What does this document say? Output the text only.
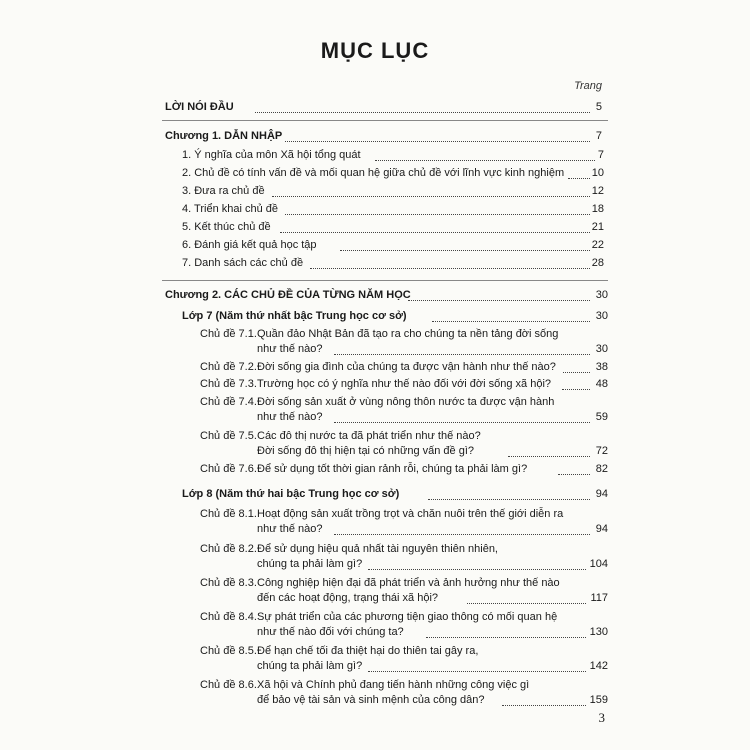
MỤC LỤC
Trang
LỜI NÓI ĐẦU	5
Chương 1. DẪN NHẬP	7
1. Ý nghĩa của môn Xã hội tổng quát	7
2. Chủ đề có tính vấn đề và mối quan hệ giữa chủ đề với lĩnh vực kinh nghiệm	10
3. Đưa ra chủ đề	12
4. Triển khai chủ đề	18
5. Kết thúc chủ đề	21
6. Đánh giá kết quả học tập	22
7. Danh sách các chủ đề	28
Chương 2. CÁC CHỦ ĐỀ CỦA TỪNG NĂM HỌC	30
Lớp 7 (Năm thứ nhất bậc Trung học cơ sở)	30
Chủ đề 7.1. Quần đảo Nhật Bản đã tạo ra cho chúng ta nền tảng đời sống
như thế nào?	30
Chủ đề 7.2. Đời sống gia đình của chúng ta được vận hành như thế nào?	38
Chủ đề 7.3. Trường học có ý nghĩa như thế nào đối với đời sống xã hội?	48
Chủ đề 7.4. Đời sống sản xuất ở vùng nông thôn nước ta được vận hành
như thế nào?	59
Chủ đề 7.5. Các đô thị nước ta đã phát triển như thế nào?
Đời sống đô thị hiện tại có những vấn đề gì?	72
Chủ đề 7.6. Để sử dụng tốt thời gian rảnh rỗi, chúng ta phải làm gì?	82
Lớp 8 (Năm thứ hai bậc Trung học cơ sở)	94
Chủ đề 8.1. Hoạt động sản xuất trồng trọt và chăn nuôi trên thế giới diễn ra
như thế nào?	94
Chủ đề 8.2. Để sử dụng hiệu quả nhất tài nguyên thiên nhiên,
chúng ta phải làm gì?	104
Chủ đề 8.3. Công nghiệp hiện đại đã phát triển và ảnh hưởng như thế nào
đến các hoạt động, trạng thái xã hội?	117
Chủ đề 8.4. Sự phát triển của các phương tiện giao thông có mối quan hệ
như thế nào đối với chúng ta?	130
Chủ đề 8.5. Để hạn chế tối đa thiệt hại do thiên tai gây ra,
chúng ta phải làm gì?	142
Chủ đề 8.6. Xã hội và Chính phủ đang tiến hành những công việc gì
để bảo vệ tài sản và sinh mệnh của công dân?	159
3
